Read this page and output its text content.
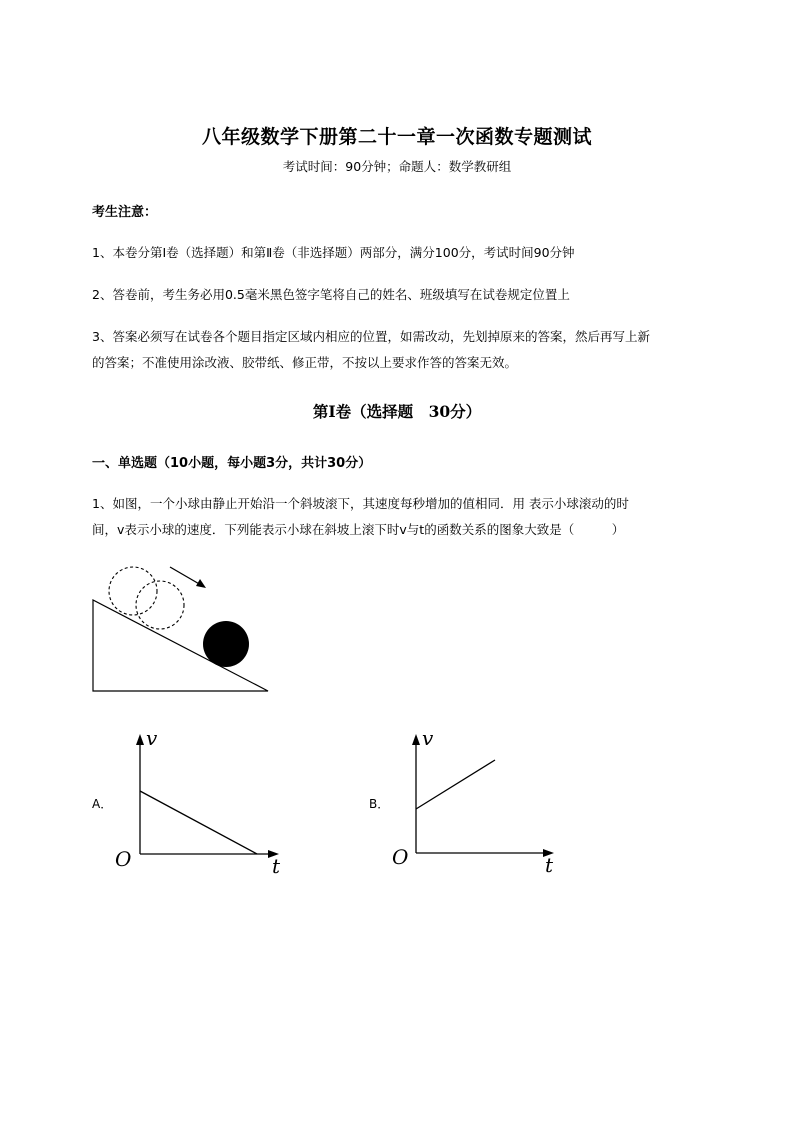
八年级数学下册第二十一章一次函数专题测试

考试时间：90分钟；命题人：数学教研组

考生注意：

1、本卷分第I卷（选择题）和第Ⅱ卷（非选择题）两部分，满分100分，考试时间90分钟

2、答卷前，考生务必用0.5毫米黑色签字笔将自己的姓名、班级填写在试卷规定位置上

3、答案必须写在试卷各个题目指定区域内相应的位置，如需改动，先划掉原来的答案，然后再写上新

的答案；不准使用涂改液、胶带纸、修正带，不按以上要求作答的答案无效。

第I卷（选择题　30分）

一、单选题（10小题，每小题3分，共计30分）

1、如图，一个小球由静止开始沿一个斜坡滚下，其速度每秒增加的值相同．用 表示小球滚动的时

间，v表示小球的速度．下列能表示小球在斜坡上滚下时v与t的函数关系的图象大致是（　　　）

A．
v
t
O
B．
v
t
O
